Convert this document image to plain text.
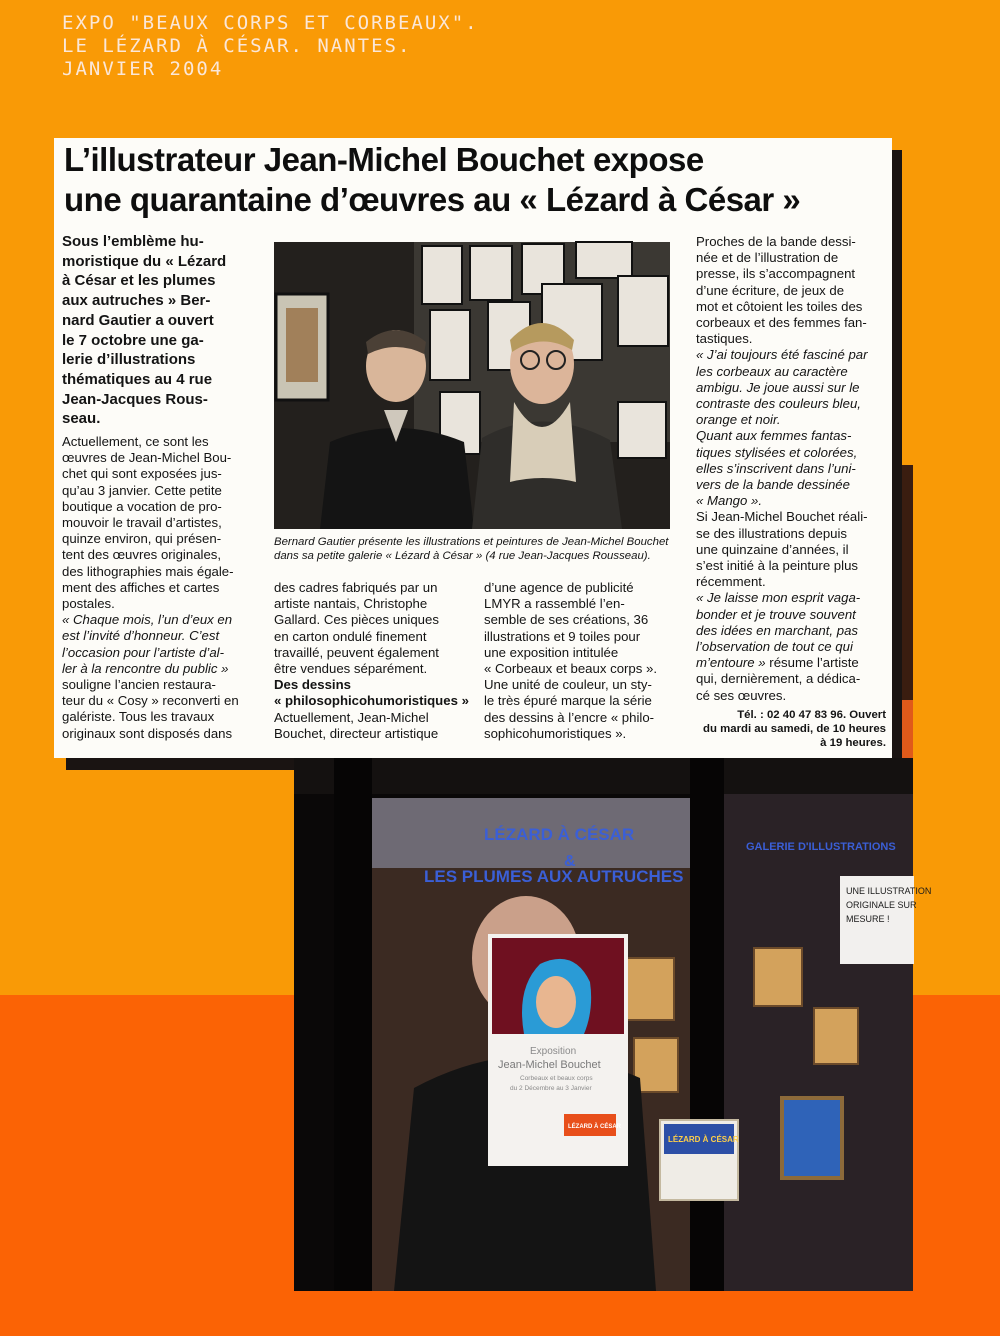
EXPO "BEAUX CORPS ET CORBEAUX".
LE LÉZARD À CÉSAR. NANTES.
JANVIER 2004
L’illustrateur Jean-Michel Bouchet expose
une quarantaine d’œuvres au « Lézard à César »
Sous l’emblème hu-
moristique du « Lézard
à César et les plumes
aux autruches » Ber-
nard Gautier a ouvert
le 7 octobre une ga-
lerie d’illustrations
thématiques au 4 rue
Jean-Jacques Rous-
seau.
Actuellement, ce sont les
œuvres de Jean-Michel Bou-
chet qui sont exposées jus-
qu’au 3 janvier. Cette petite
boutique a vocation de pro-
mouvoir le travail d’artistes,
quinze environ, qui présen-
tent des œuvres originales,
des lithographies mais égale-
ment des affiches et cartes
postales.
« Chaque mois, l’un d’eux en
est l’invité d’honneur. C’est
l’occasion pour l’artiste d’al-
ler à la rencontre du public »
souligne l’ancien restaura-
teur du « Cosy » reconverti en
galériste. Tous les travaux
originaux sont disposés dans
Bernard Gautier présente les illustrations et peintures de Jean-Michel Bouchet
dans sa petite galerie « Lézard à César » (4 rue Jean-Jacques Rousseau).
des cadres fabriqués par un
artiste nantais, Christophe
Gallard. Ces pièces uniques
en carton ondulé finement
travaillé, peuvent également
être vendues séparément.
Des dessins
« philosophicohumoristiques »
Actuellement, Jean-Michel
Bouchet, directeur artistique
d’une agence de publicité
LMYR a rassemblé l’en-
semble de ses créations, 36
illustrations et 9 toiles pour
une exposition intitulée
« Corbeaux et beaux corps ».
Une unité de couleur, un sty-
le très épuré marque la série
des dessins à l’encre « philo-
sophicohumoristiques ».
Proches de la bande dessi-
née et de l’illustration de
presse, ils s’accompagnent
d’une écriture, de jeux de
mot et côtoient les toiles des
corbeaux et des femmes fan-
tastiques.
« J’ai toujours été fasciné par
les corbeaux au caractère
ambigu. Je joue aussi sur le
contraste des couleurs bleu,
orange et noir.
Quant aux femmes fantas-
tiques stylisées et colorées,
elles s’inscrivent dans l’uni-
vers de la bande dessinée
« Mango ».
Si Jean-Michel Bouchet réali-
se des illustrations depuis
une quinzaine d’années, il
s’est initié à la peinture plus
récemment.
« Je laisse mon esprit vaga-
bonder et je trouve souvent
des idées en marchant, pas
l’observation de tout ce qui
m’entoure » résume l’artiste
qui, dernièrement, a dédica-
cé ses œuvres.
Tél. : 02 40 47 83 96. Ouvert
du mardi au samedi, de 10 heures
à 19 heures.
LÉZARD À CÉSAR
&
LES PLUMES AUX AUTRUCHES
GALERIE D'ILLUSTRATIONS
UNE ILLUSTRATION
ORIGINALE SUR
MESURE !
Exposition
Jean-Michel Bouchet
Corbeaux et beaux corps
du 2 Décembre au 3 Janvier
LÉZARD À CÉSAR
LÉZARD À CÉSAR
